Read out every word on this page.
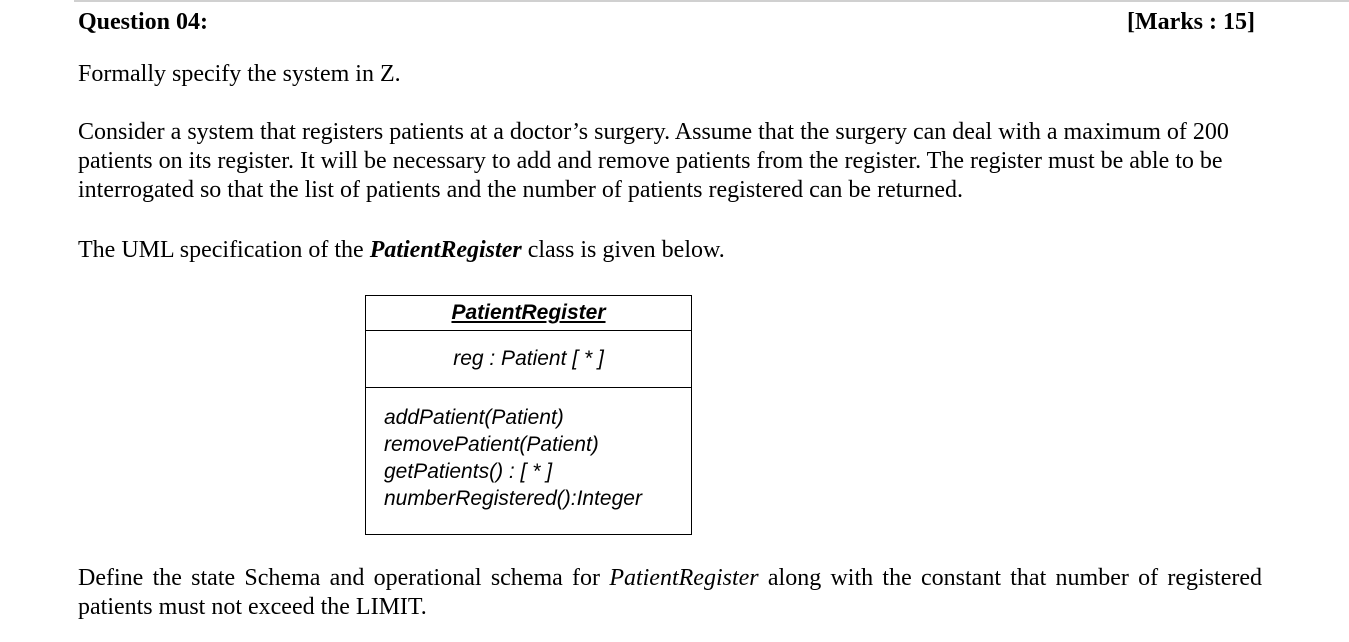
Question 04:	[Marks : 15]

Formally specify the system in Z.

Consider a system that registers patients at a doctor’s surgery. Assume that the surgery can deal with a maximum of 200 patients on its register. It will be necessary to add and remove patients from the register. The register must be able to be interrogated so that the list of patients and the number of patients registered can be returned.

The UML specification of the PatientRegister class is given below.

PatientRegister
reg : Patient [ * ]
addPatient(Patient)
removePatient(Patient)
getPatients() : [ * ]
numberRegistered():Integer

Define the state Schema and operational schema for PatientRegister along with the constant that number of registered patients must not exceed the LIMIT.
